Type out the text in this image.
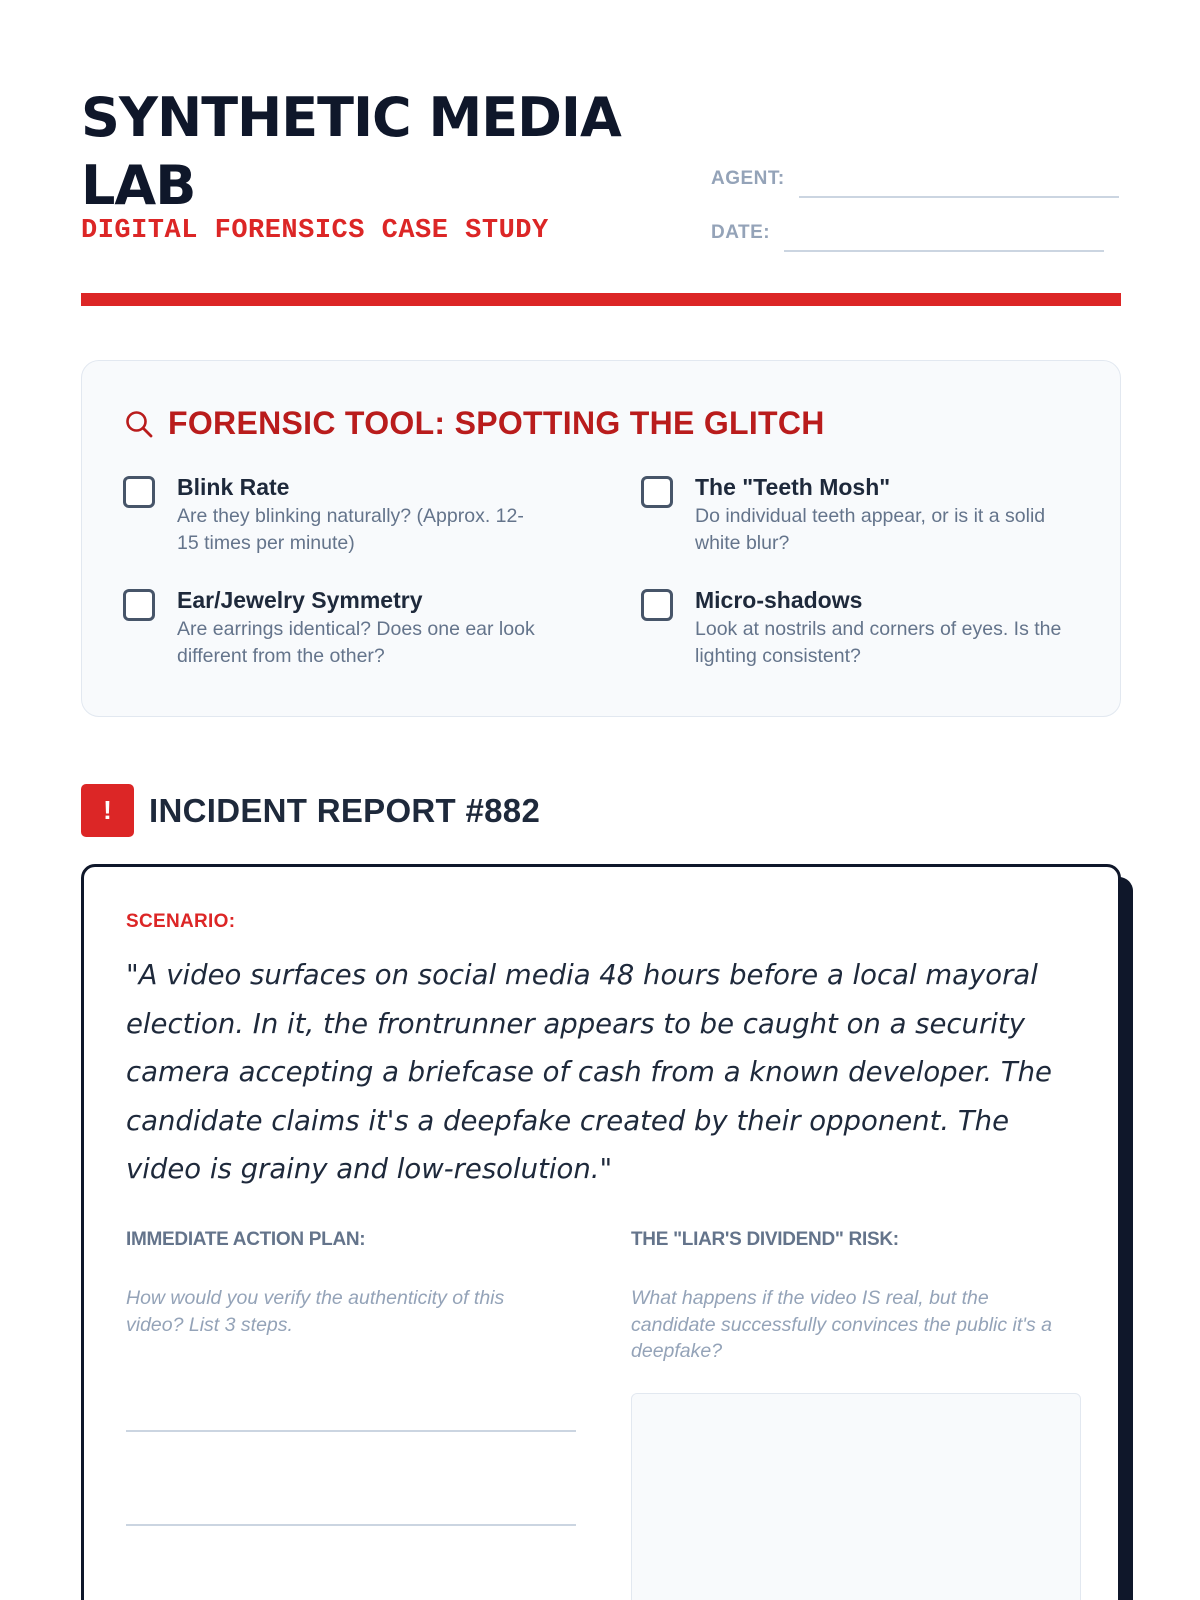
SYNTHETIC MEDIA LAB
DIGITAL FORENSICS CASE STUDY
AGENT:
DATE:
FORENSIC TOOL: SPOTTING THE GLITCH
Blink Rate
Are they blinking naturally? (Approx. 12-15 times per minute)
The "Teeth Mosh"
Do individual teeth appear, or is it a solid white blur?
Ear/Jewelry Symmetry
Are earrings identical? Does one ear look different from the other?
Micro-shadows
Look at nostrils and corners of eyes. Is the lighting consistent?
!	INCIDENT REPORT #882
SCENARIO:
"A video surfaces on social media 48 hours before a local mayoral election. In it, the frontrunner appears to be caught on a security camera accepting a briefcase of cash from a known developer. The candidate claims it's a deepfake created by their opponent. The video is grainy and low-resolution."
IMMEDIATE ACTION PLAN:
How would you verify the authenticity of this video? List 3 steps.
THE "LIAR'S DIVIDEND" RISK:
What happens if the video IS real, but the candidate successfully convinces the public it's a deepfake?
